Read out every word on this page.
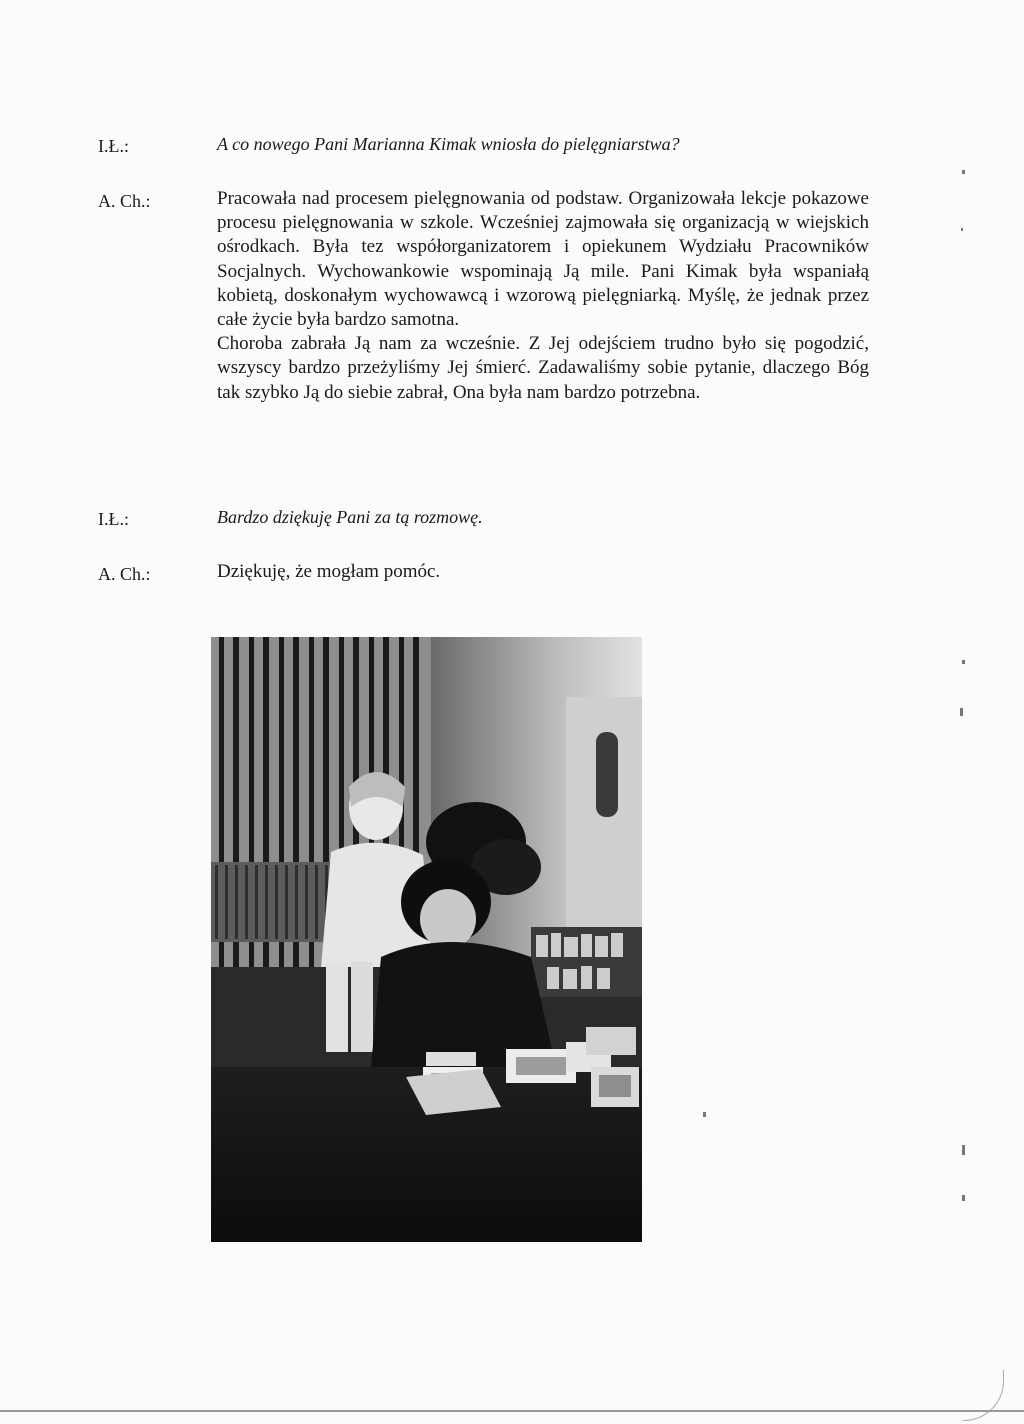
I.Ł.:	A co nowego Pani Marianna Kimak wniosła do pielęgniarstwa?

A. Ch.:	Pracowała nad procesem pielęgnowania od podstaw. Organizowała lekcje pokazowe procesu pielęgnowania w szkole. Wcześniej zajmowała się organizacją w wiejskich ośrodkach. Była tez współorganizatorem i opiekunem Wydziału Pracowników Socjalnych. Wychowankowie wspominają Ją mile. Pani Kimak była wspaniałą kobietą, doskonałym wychowawcą i wzorową pielęgniarką. Myślę, że jednak przez całe życie była bardzo samotna.

Choroba zabrała Ją nam za wcześnie. Z Jej odejściem trudno było się pogodzić, wszyscy bardzo przeżyliśmy Jej śmierć. Zadawaliśmy sobie pytanie, dlaczego Bóg tak szybko Ją do siebie zabrał, Ona była nam bardzo potrzebna.

I.Ł.:	Bardzo dziękuję Pani za tą rozmowę.

A. Ch.:	Dziękuję, że mogłam pomóc.
